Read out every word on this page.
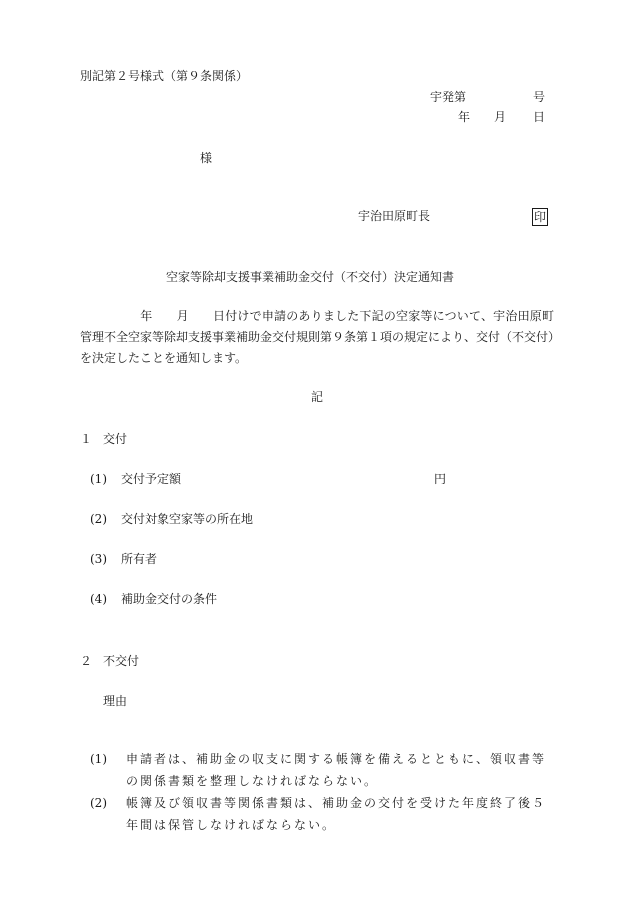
別記第２号様式（第９条関係）
宇発第	号
年 月 日
様
宇治田原町長	印
空家等除却支援事業補助金交付（不交付）決定通知書
年 月 日付けで申請のありました下記の空家等について、宇治田原町管理不全空家等除却支援事業補助金交付規則第９条第１項の規定により、交付（不交付）を決定したことを通知します。
記
１ 交付
(1) 交付予定額	円
(2) 交付対象空家等の所在地
(3) 所有者
(4) 補助金交付の条件
２ 不交付
理由
(1)	申請者は、補助金の収支に関する帳簿を備えるとともに、領収書等の関係書類を整理しなければならない。
(2)	帳簿及び領収書等関係書類は、補助金の交付を受けた年度終了後５年間は保管しなければならない。
